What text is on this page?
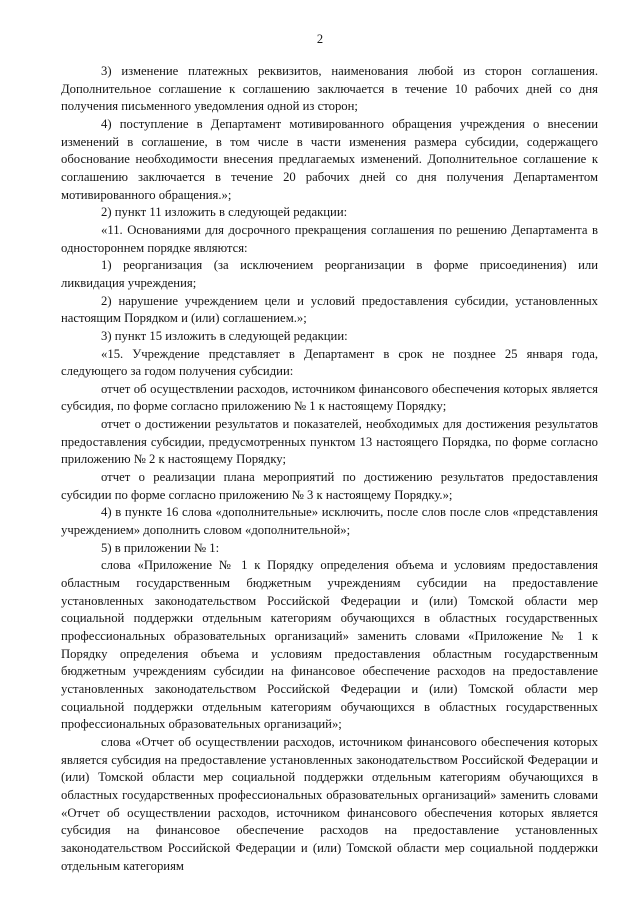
2

3) изменение платежных реквизитов, наименования любой из сторон соглашения. Дополнительное соглашение к соглашению заключается в течение 10 рабочих дней со дня получения письменного уведомления одной из сторон;

4) поступление в Департамент мотивированного обращения учреждения о внесении изменений в соглашение, в том числе в части изменения размера субсидии, содержащего обоснование необходимости внесения предлагаемых изменений. Дополнительное соглашение к соглашению заключается в течение 20 рабочих дней со дня получения Департаментом мотивированного обращения.»;

2) пункт 11 изложить в следующей редакции:

«11. Основаниями для досрочного прекращения соглашения по решению Департамента в одностороннем порядке являются:

1) реорганизация (за исключением реорганизации в форме присоединения) или ликвидация учреждения;

2) нарушение учреждением цели и условий предоставления субсидии, установленных настоящим Порядком и (или) соглашением.»;

3) пункт 15 изложить в следующей редакции:

«15. Учреждение представляет в Департамент в срок не позднее 25 января года, следующего за годом получения субсидии:

отчет об осуществлении расходов, источником финансового обеспечения которых является субсидия, по форме согласно приложению № 1 к настоящему Порядку;

отчет о достижении результатов и показателей, необходимых для достижения результатов предоставления субсидии, предусмотренных пунктом 13 настоящего Порядка, по форме согласно приложению № 2 к настоящему Порядку;

отчет о реализации плана мероприятий по достижению результатов предоставления субсидии по форме согласно приложению № 3 к настоящему Порядку.»;

4) в пункте 16 слова «дополнительные» исключить, после слов после слов «представления учреждением» дополнить словом «дополнительной»;

5) в приложении № 1:

слова «Приложение № 1 к Порядку определения объема и условиям предоставления областным государственным бюджетным учреждениям субсидии на предоставление установленных законодательством Российской Федерации и (или) Томской области мер социальной поддержки отдельным категориям обучающихся в областных государственных профессиональных образовательных организаций» заменить словами «Приложение № 1 к Порядку определения объема и условиям предоставления областным государственным бюджетным учреждениям субсидии на финансовое обеспечение расходов на предоставление установленных законодательством Российской Федерации и (или) Томской области мер социальной поддержки отдельным категориям обучающихся в областных государственных профессиональных образовательных организаций»;

слова «Отчет об осуществлении расходов, источником финансового обеспечения которых является субсидия на предоставление установленных законодательством Российской Федерации и (или) Томской области мер социальной поддержки отдельным категориям обучающихся в областных государственных профессиональных образовательных организаций» заменить словами «Отчет об осуществлении расходов, источником финансового обеспечения которых является субсидия на финансовое обеспечение расходов на предоставление установленных законодательством Российской Федерации и (или) Томской области мер социальной поддержки отдельным категориям
